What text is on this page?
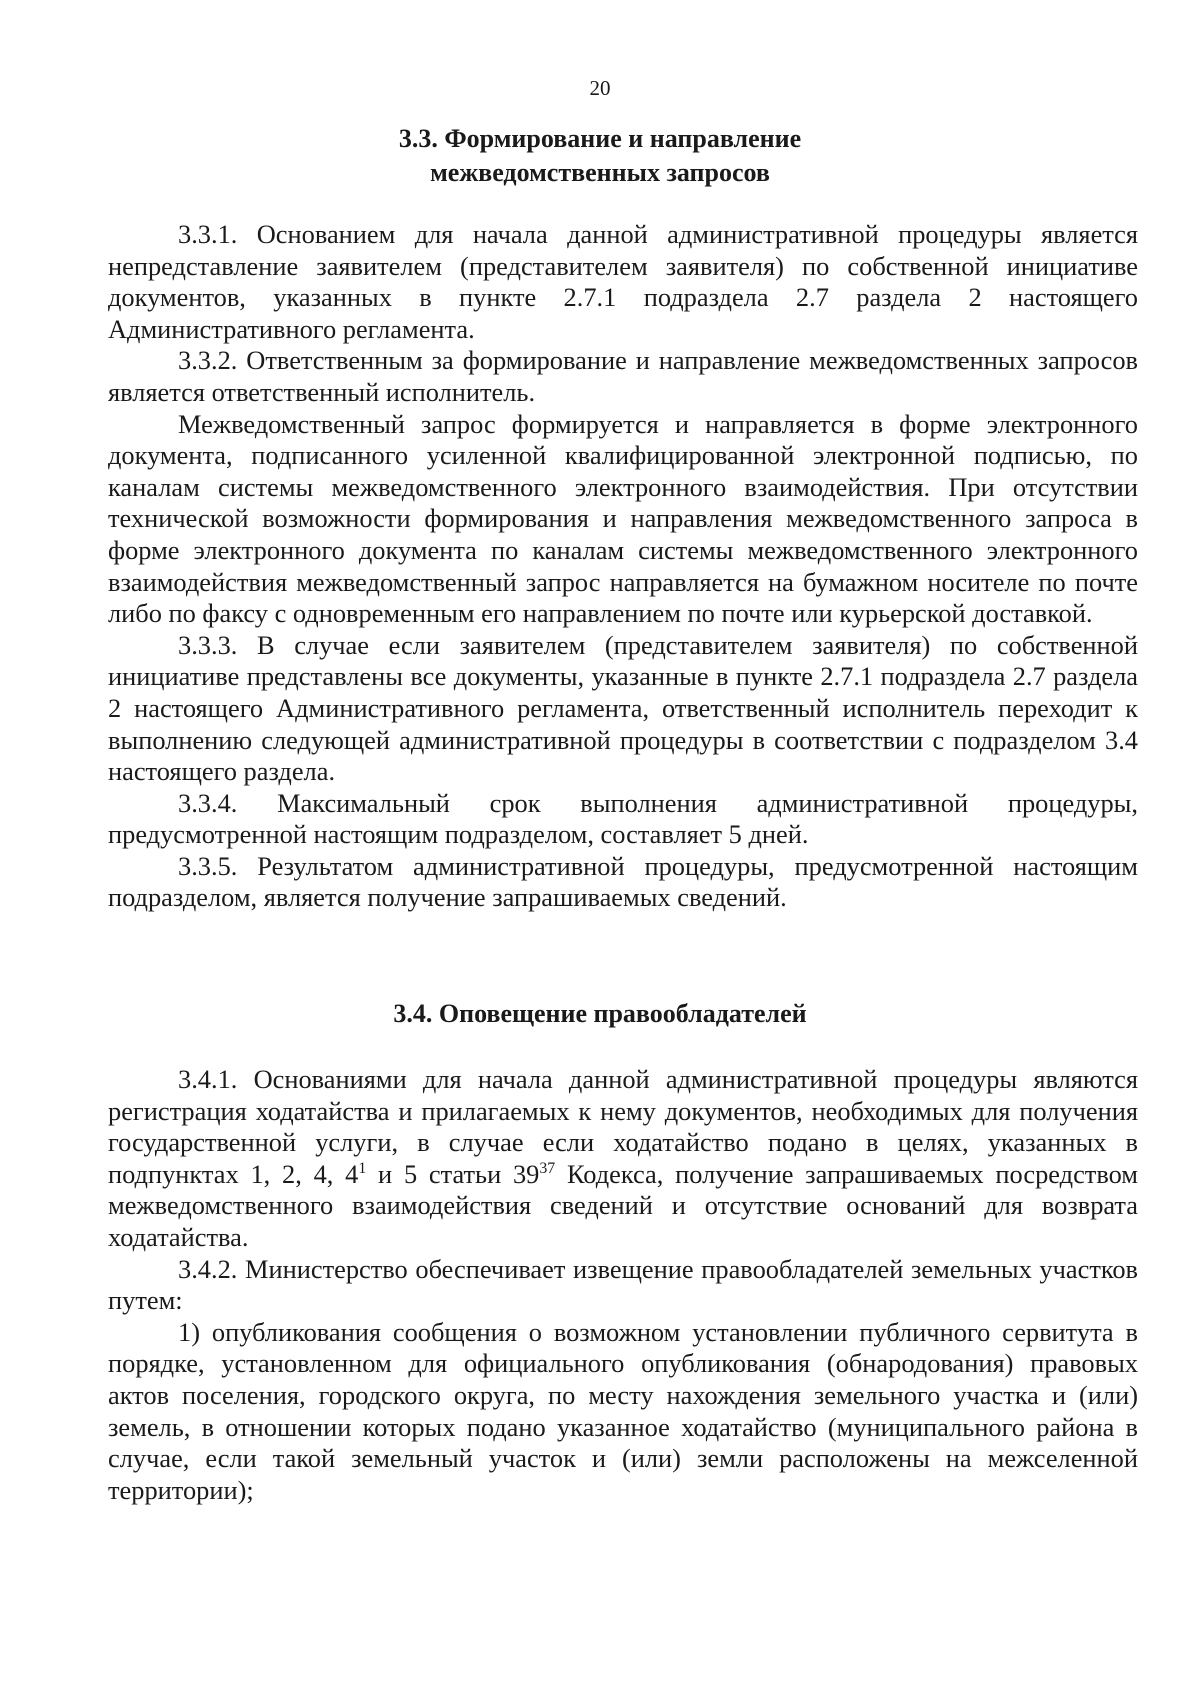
20
3.3. Формирование и направление
межведомственных запросов

3.3.1. Основанием для начала данной административной процедуры является непредставление заявителем (представителем заявителя) по собственной инициативе документов, указанных в пункте 2.7.1 подраздела 2.7 раздела 2 настоящего Административного регламента.

3.3.2. Ответственным за формирование и направление межведомственных запросов является ответственный исполнитель.

Межведомственный запрос формируется и направляется в форме электронного документа, подписанного усиленной квалифицированной электронной подписью, по каналам системы межведомственного электронного взаимодействия. При отсутствии технической возможности формирования и направления межведомственного запроса в форме электронного документа по каналам системы межведомственного электронного взаимодействия межведомственный запрос направляется на бумажном носителе по почте либо по факсу с одновременным его направлением по почте или курьерской доставкой.

3.3.3. В случае если заявителем (представителем заявителя) по собственной инициативе представлены все документы, указанные в пункте 2.7.1 подраздела 2.7 раздела 2 настоящего Административного регламента, ответственный исполнитель переходит к выполнению следующей административной процедуры в соответствии с подразделом 3.4 настоящего раздела.

3.3.4. Максимальный срок выполнения административной процедуры, предусмотренной настоящим подразделом, составляет 5 дней.

3.3.5. Результатом административной процедуры, предусмотренной настоящим подразделом, является получение запрашиваемых сведений.

3.4. Оповещение правообладателей

3.4.1. Основаниями для начала данной административной процедуры являются регистрация ходатайства и прилагаемых к нему документов, необходимых для получения государственной услуги, в случае если ходатайство подано в целях, указанных в подпунктах 1, 2, 4, $4^1$ и 5 статьи $39^{37}$ Кодекса, получение запрашиваемых посредством межведомственного взаимодействия сведений и отсутствие оснований для возврата ходатайства.

3.4.2. Министерство обеспечивает извещение правообладателей земельных участков путем:

1) опубликования сообщения о возможном установлении публичного сервитута в порядке, установленном для официального опубликования (обнародования) правовых актов поселения, городского округа, по месту нахождения земельного участка и (или) земель, в отношении которых подано указанное ходатайство (муниципального района в случае, если такой земельный участок и (или) земли расположены на межселенной территории);
